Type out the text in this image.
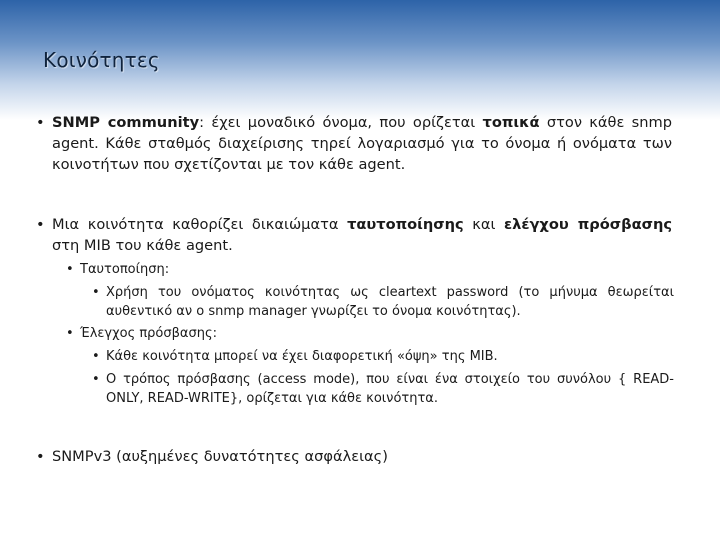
Κοινότητες
• SNMP community: έχει μοναδικό όνομα, που ορίζεται τοπικά στον κάθε snmp agent. Κάθε σταθμός διαχείρισης τηρεί λογαριασμό για το όνομα ή ονόματα των κοινοτήτων που σχετίζονται με τον κάθε agent.
• Μια κοινότητα καθορίζει δικαιώματα ταυτοποίησης και ελέγχου πρόσβασης στη MIB του κάθε agent.
• Ταυτοποίηση:
• Χρήση του ονόματος κοινότητας ως cleartext password (το μήνυμα θεωρείται αυθεντικό αν ο snmp manager γνωρίζει το όνομα κοινότητας).
• Έλεγχος πρόσβασης:
• Κάθε κοινότητα μπορεί να έχει διαφορετική «όψη» της MIB.
• Ο τρόπος πρόσβασης (access mode), που είναι ένα στοιχείο του συνόλου { READ-ONLY, READ-WRITE}, ορίζεται για κάθε κοινότητα.
• SNMPv3 (αυξημένες δυνατότητες ασφάλειας)
